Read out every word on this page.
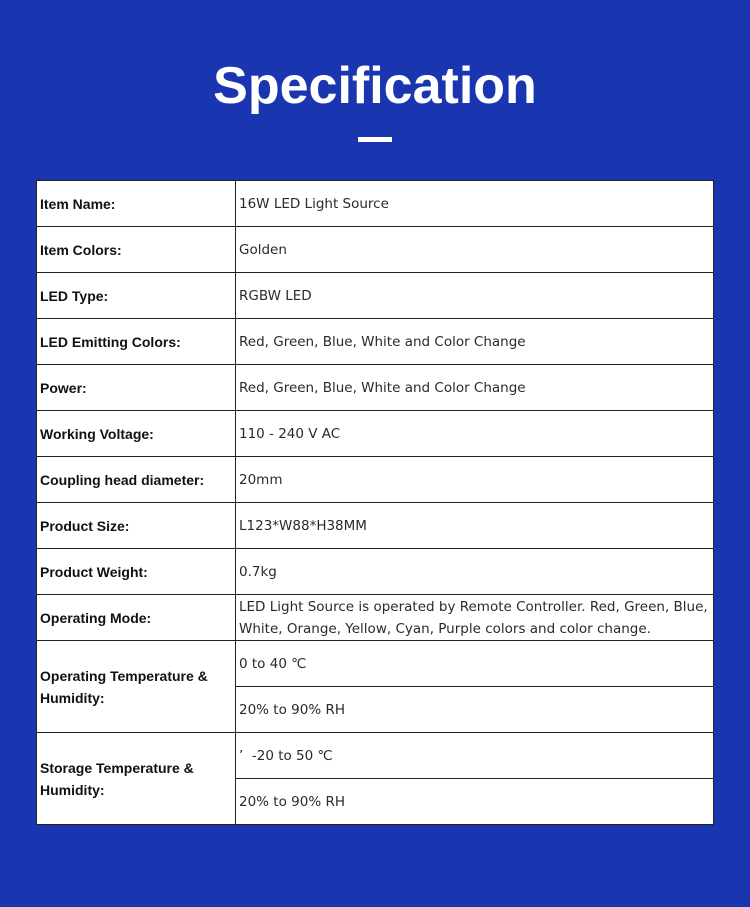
Specification
Item Name:	16W LED Light Source
Item Colors:	Golden
LED Type:	RGBW LED
LED Emitting Colors:	Red, Green, Blue, White and Color Change
Power:	Red, Green, Blue, White and Color Change
Working Voltage:	110 - 240 V AC
Coupling head diameter:	20mm
Product Size:	L123*W88*H38MM
Product Weight:	0.7kg
Operating Mode:	LED Light Source is operated by Remote Controller. Red, Green, Blue, White, Orange, Yellow, Cyan, Purple colors and color change.
Operating Temperature & Humidity:	0 to 40 ℃
	20% to 90% RH
Storage Temperature & Humidity:	’  -20 to 50 ℃
	20% to 90% RH
